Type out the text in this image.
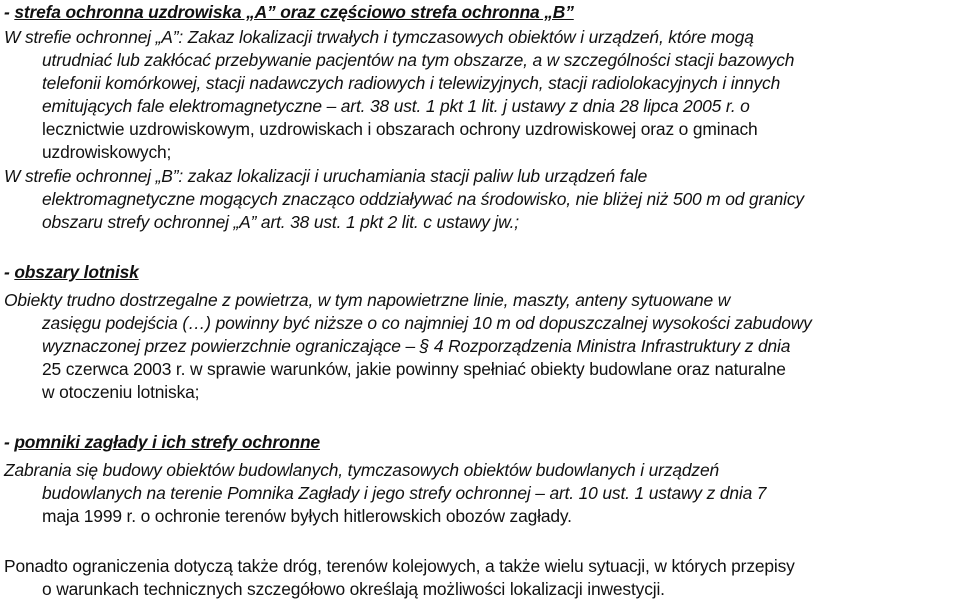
- strefa ochronna uzdrowiska „A” oraz częściowo strefa ochronna „B”
W strefie ochronnej „A”: Zakaz lokalizacji trwałych i tymczasowych obiektów i urządzeń, które mogą
utrudniać lub zakłócać przebywanie pacjentów na tym obszarze, a w szczególności stacji bazowych
telefonii komórkowej, stacji nadawczych radiowych i telewizyjnych, stacji radiolokacyjnych i innych
emitujących fale elektromagnetyczne – art. 38 ust. 1 pkt 1 lit. j ustawy z dnia 28 lipca 2005 r. o
lecznictwie uzdrowiskowym, uzdrowiskach i obszarach ochrony uzdrowiskowej oraz o gminach
uzdrowiskowych;
W strefie ochronnej „B”: zakaz lokalizacji i uruchamiania stacji paliw lub urządzeń fale
elektromagnetyczne mogących znacząco oddziaływać na środowisko, nie bliżej niż 500 m od granicy
obszaru strefy ochronnej „A” art. 38 ust. 1 pkt 2 lit. c ustawy jw.;
- obszary lotnisk
Obiekty trudno dostrzegalne z powietrza, w tym napowietrzne linie, maszty, anteny sytuowane w
zasięgu podejścia (…) powinny być niższe o co najmniej 10 m od dopuszczalnej wysokości zabudowy
wyznaczonej przez powierzchnie ograniczające – § 4 Rozporządzenia Ministra Infrastruktury z dnia
25 czerwca 2003 r. w sprawie warunków, jakie powinny spełniać obiekty budowlane oraz naturalne
w otoczeniu lotniska;
- pomniki zagłady i ich strefy ochronne
Zabrania się budowy obiektów budowlanych, tymczasowych obiektów budowlanych i urządzeń
budowlanych na terenie Pomnika Zagłady i jego strefy ochronnej – art. 10 ust. 1 ustawy z dnia 7
maja 1999 r. o ochronie terenów byłych hitlerowskich obozów zagłady.
Ponadto ograniczenia dotyczą także dróg, terenów kolejowych, a także wielu sytuacji, w których przepisy
o warunkach technicznych szczegółowo określają możliwości lokalizacji inwestycji.
